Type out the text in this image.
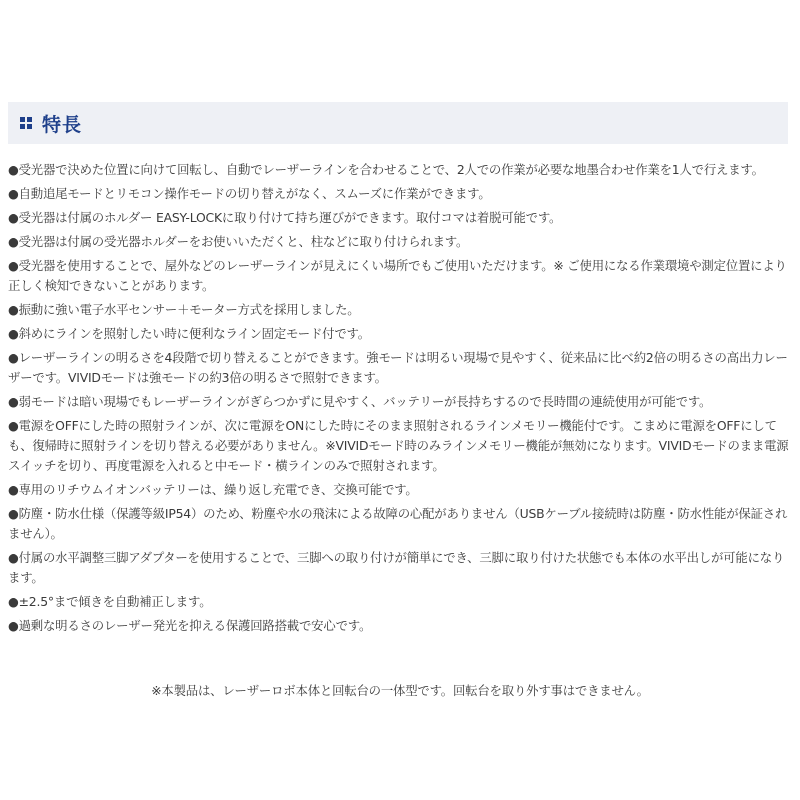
特長
●受光器で決めた位置に向けて回転し、自動でレーザーラインを合わせることで、2人での作業が必要な地墨合わせ作業を1人で行えます。
●自動追尾モードとリモコン操作モードの切り替えがなく、スムーズに作業ができます。
●受光器は付属のホルダー EASY-LOCKに取り付けて持ち運びができます。取付コマは着脱可能です。
●受光器は付属の受光器ホルダーをお使いいただくと、柱などに取り付けられます。
●受光器を使用することで、屋外などのレーザーラインが見えにくい場所でもご使用いただけます。※ ご使用になる作業環境や測定位置により正しく検知できないことがあります。
●振動に強い電子水平センサー＋モーター方式を採用しました。
●斜めにラインを照射したい時に便利なライン固定モード付です。
●レーザーラインの明るさを4段階で切り替えることができます。強モードは明るい現場で見やすく、従来品に比べ約2倍の明るさの高出力レーザーです。VIVIDモードは強モードの約3倍の明るさで照射できます。
●弱モードは暗い現場でもレーザーラインがぎらつかずに見やすく、バッテリーが長持ちするので長時間の連続使用が可能です。
●電源をOFFにした時の照射ラインが、次に電源をONにした時にそのまま照射されるラインメモリー機能付です。こまめに電源をOFFにしても、復帰時に照射ラインを切り替える必要がありません。※VIVIDモード時のみラインメモリー機能が無効になります。VIVIDモードのまま電源スイッチを切り、再度電源を入れると中モード・横ラインのみで照射されます。
●専用のリチウムイオンバッテリーは、繰り返し充電でき、交換可能です。
●防塵・防水仕様（保護等級IP54）のため、粉塵や水の飛沫による故障の心配がありません（USBケーブル接続時は防塵・防水性能が保証されません）。
●付属の水平調整三脚アダプターを使用することで、三脚への取り付けが簡単にでき、三脚に取り付けた状態でも本体の水平出しが可能になります。
●±2.5°まで傾きを自動補正します。
●過剰な明るさのレーザー発光を抑える保護回路搭載で安心です。
※本製品は、レーザーロボ本体と回転台の一体型です。回転台を取り外す事はできません。
